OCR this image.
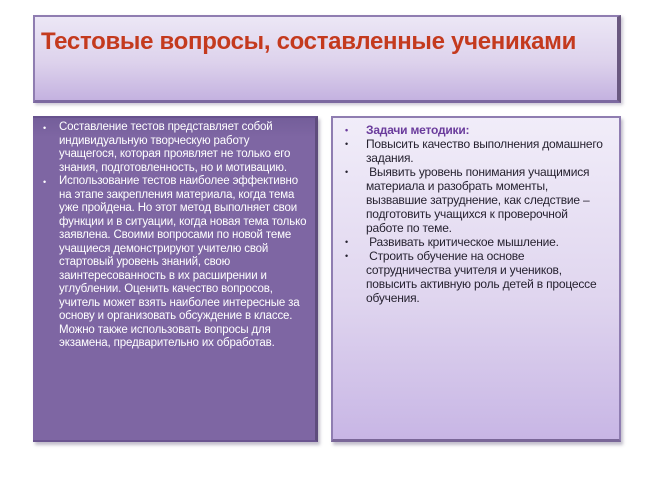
Тестовые вопросы, составленные учениками
•	Составление тестов представляет собой индивидуальную творческую работу учащегося, которая проявляет не только его знания, подготовленность, но и мотивацию.
•	Использование тестов наиболее эффективно на этапе закрепления материала, когда тема уже пройдена. Но этот метод выполняет свои функции и в ситуации, когда новая тема только заявлена. Своими вопросами по новой теме учащиеся демонстрируют учителю свой стартовый уровень знаний, свою заинтересованность в их расширении и углублении. Оценить качество вопросов, учитель может взять наиболее интересные за основу и организовать обсуждение в классе. Можно также использовать вопросы для экзамена, предварительно их обработав.
•	Задачи методики:
•	Повысить качество выполнения домашнего задания.
•	Выявить уровень понимания учащимися материала и разобрать моменты, вызвавшие затруднение, как следствие – подготовить учащихся к проверочной работе по теме.
•	Развивать критическое мышление.
•	Строить обучение на основе сотрудничества учителя и учеников, повысить активную роль детей в процессе обучения.
